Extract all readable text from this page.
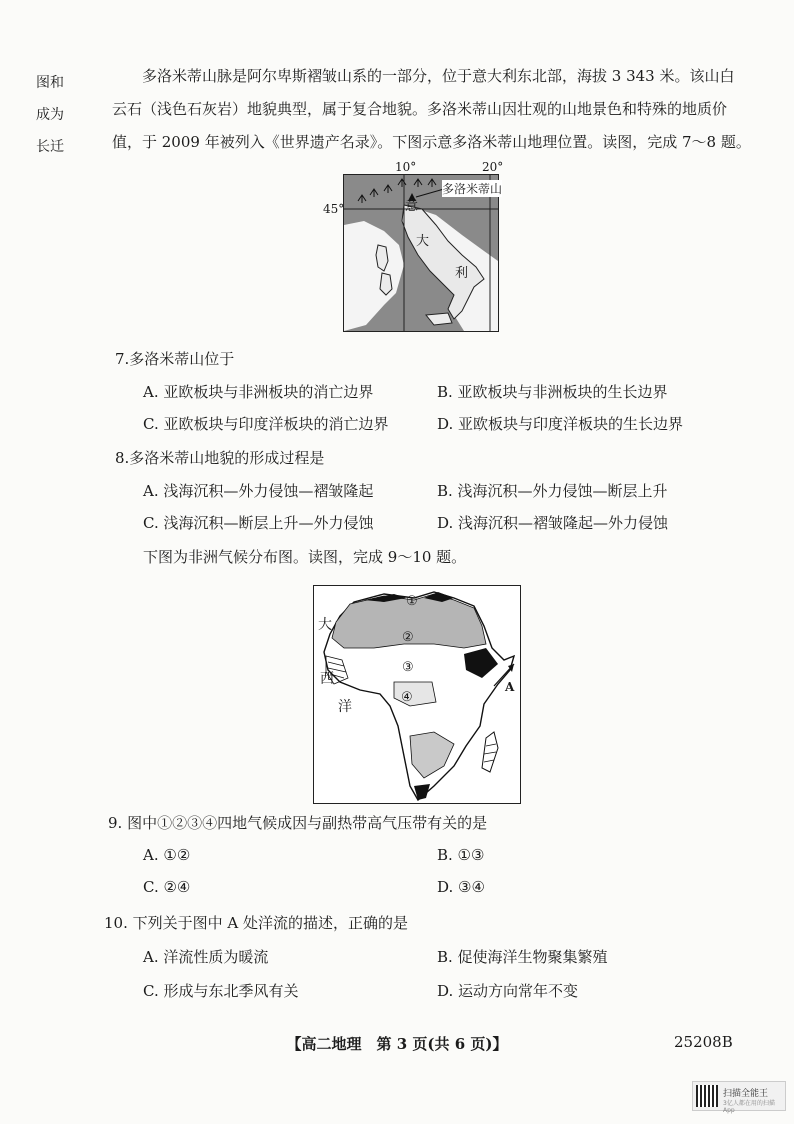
图和
成为
长迁
多洛米蒂山脉是阿尔卑斯褶皱山系的一部分，位于意大利东北部，海拔 3 343 米。该山白
云石（浅色石灰岩）地貌典型，属于复合地貌。多洛米蒂山因壮观的山地景色和特殊的地质价
值，于 2009 年被列入《世界遗产名录》。下图示意多洛米蒂山地理位置。读图，完成 7～8 题。
10°	20°
45°
多洛米蒂山
意
大
利
7.多洛米蒂山位于
A. 亚欧板块与非洲板块的消亡边界	B. 亚欧板块与非洲板块的生长边界
C. 亚欧板块与印度洋板块的消亡边界	D. 亚欧板块与印度洋板块的生长边界
8.多洛米蒂山地貌的形成过程是
A. 浅海沉积—外力侵蚀—褶皱隆起	B. 浅海沉积—外力侵蚀—断层上升
C. 浅海沉积—断层上升—外力侵蚀	D. 浅海沉积—褶皱隆起—外力侵蚀
下图为非洲气候分布图。读图，完成 9～10 题。
大
西
洋
①
②
③
④
A
9. 图中①②③④四地气候成因与副热带高气压带有关的是
A. ①②	B. ①③
C. ②④	D. ③④
10. 下列关于图中 A 处洋流的描述，正确的是
A. 洋流性质为暖流	B. 促使海洋生物聚集繁殖
C. 形成与东北季风有关	D. 运动方向常年不变
【高二地理　第 3 页(共 6 页)】	25208B
扫描全能王
3亿人都在用的扫描App
